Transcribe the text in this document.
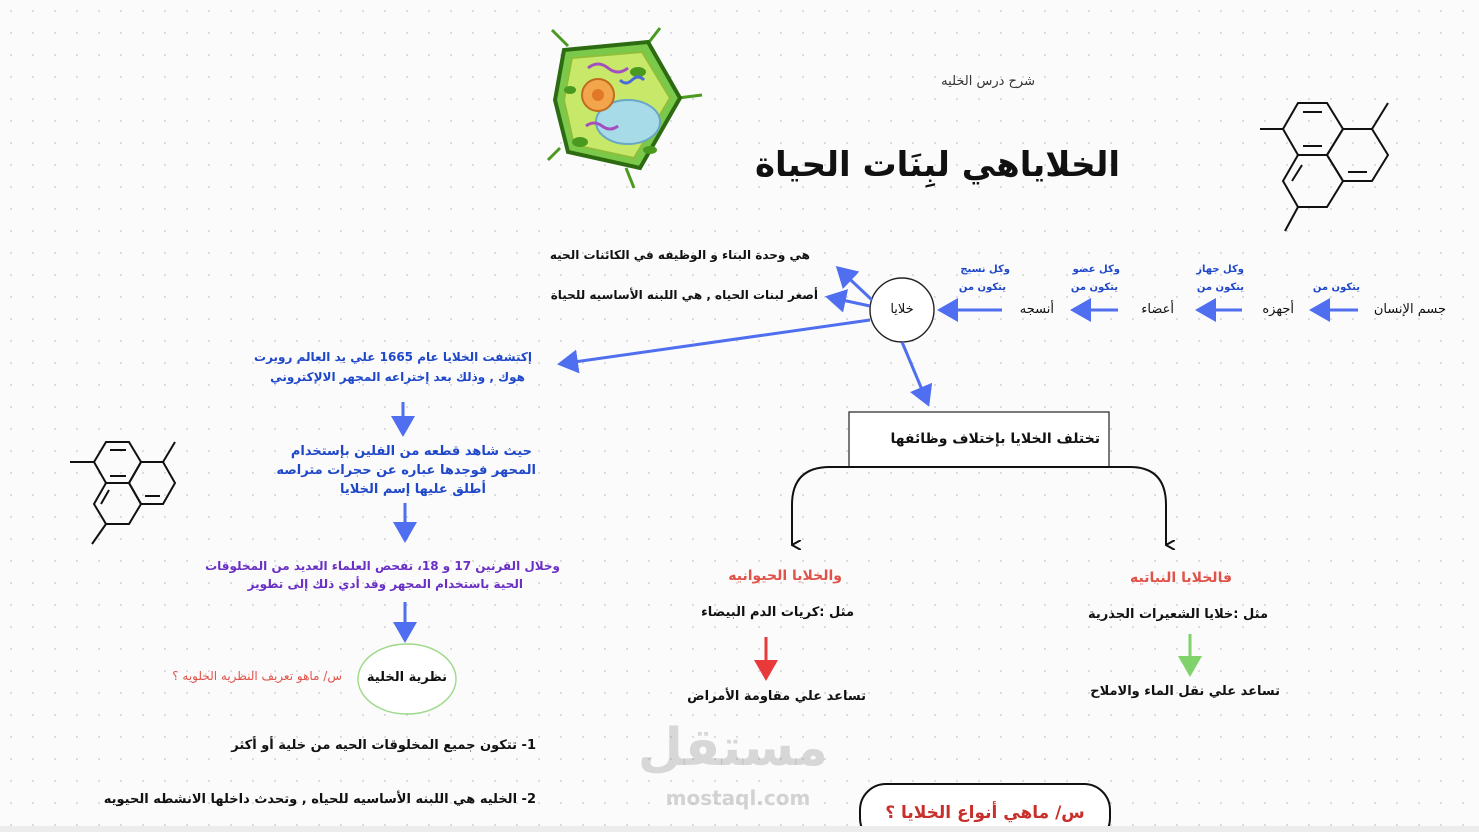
شرح درس الخليه
الخلاياهي لبِنَات الحياة
جسم الإنسان
يتكون من
أجهزه
وكل جهاز
يتكون من
أعضاء
وكل عضو
يتكون من
أنسجه
وكل نسيج
يتكون من
خلايا
هي وحدة البناء و الوظيفه في الكائنات الحيه
أصغر لبنات الحياه , هي اللبنه الأساسيه للحياة
إكتشفت الخلايا عام 1665 علي يد العالم روبرت
هوك , وذلك بعد إختراعه المجهر الالإكتروني
حيث شاهد قطعه من الفلين بإستخدام
المحهر فوجدها عباره عن حجرات متراصه
أطلق عليها إسم الخلايا
وخلال القرنين 17 و 18، تفحص العلماء العديد من المخلوقات
الحية باستخدام المجهر وقد أدي ذلك إلى تطوير
نظرية الخلية
س/ ماهو تعريف النظريه الخلويه ؟
1- تتكون جميع المخلوقات الحيه من خلية أو أكثر
2- الخليه هي اللبنه الأساسيه للحياه , وتحدث داخلها الانشطه الحيويه
تختلف الخلايا بإختلاف وظائفها
والخلايا الحيوانيه
مثل :كريات الدم البيضاء
تساعد علي مقاومة الأمراض
فالخلايا النباتيه
مثل :خلايا الشعيرات الجذرية
تساعد علي نقل الماء والاملاح
مستقل
mostaql.com
س/ ماهي أنواع الخلايا ؟
